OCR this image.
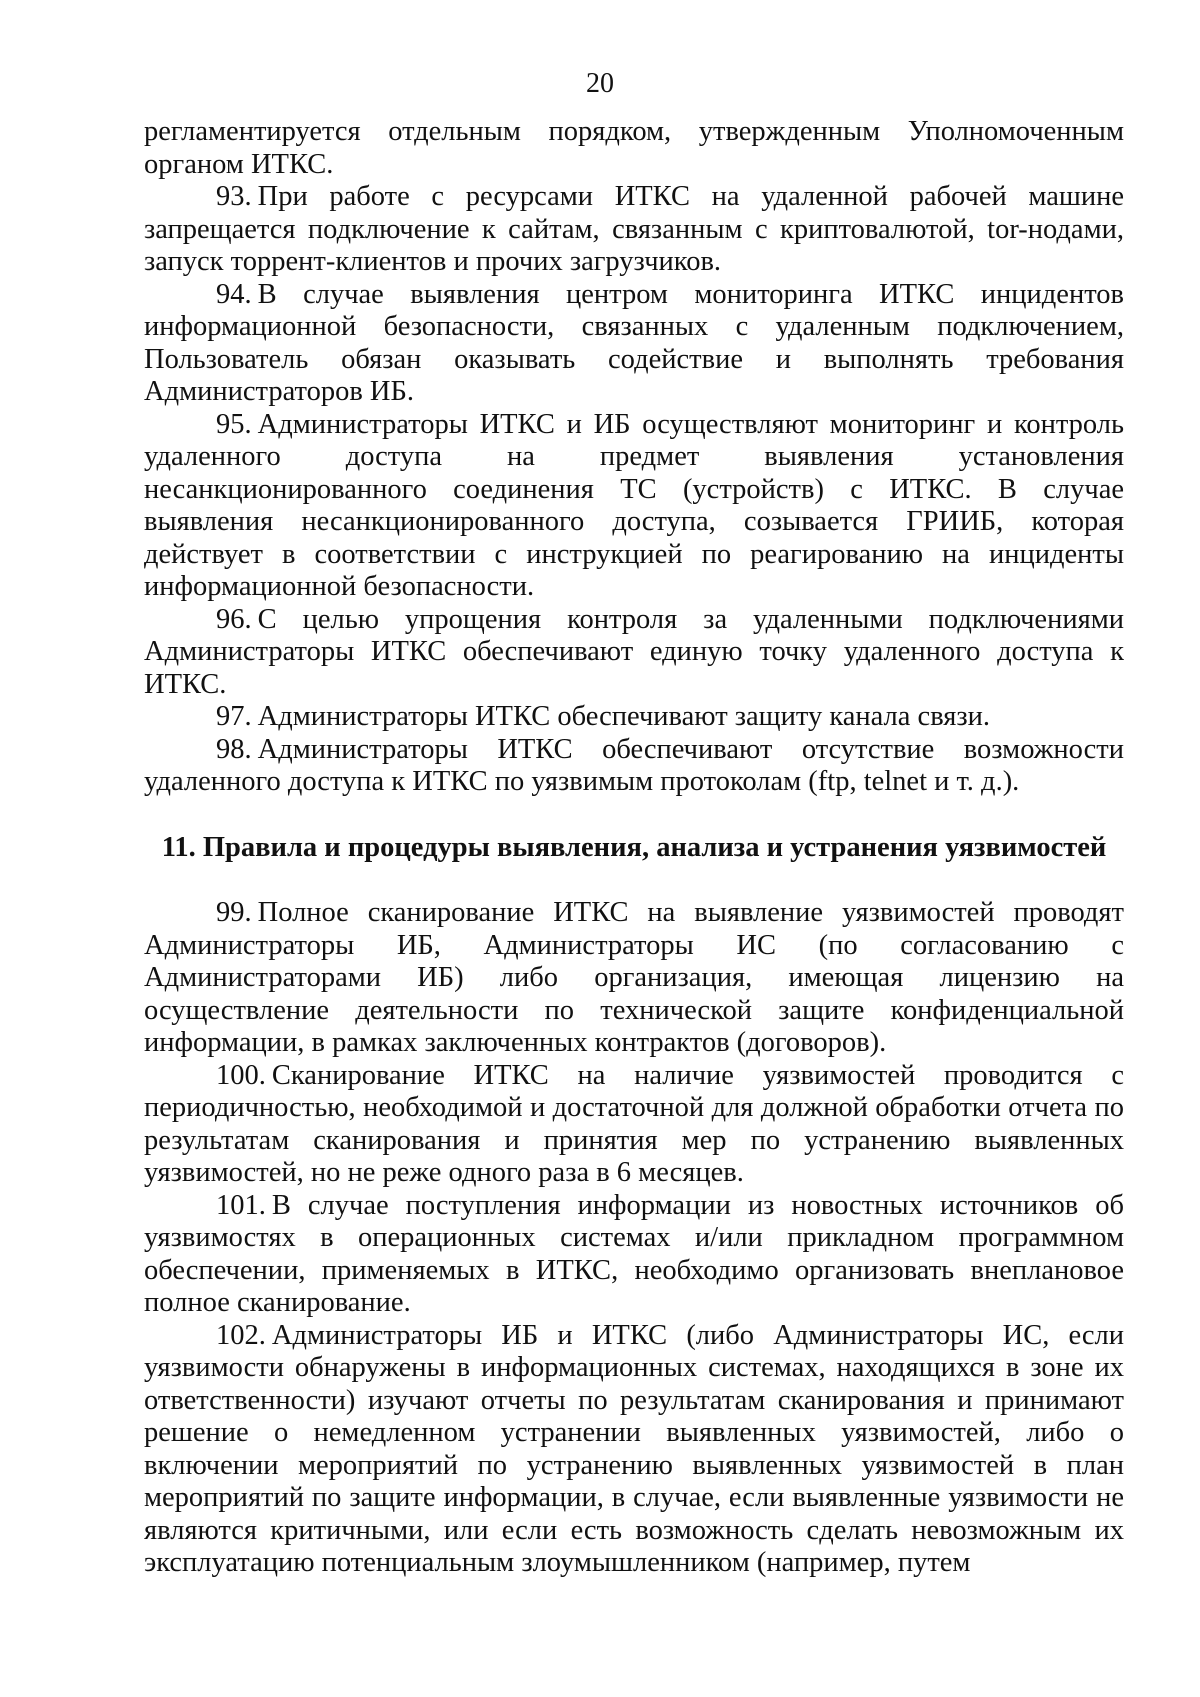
20

регламентируется отдельным порядком, утвержденным Уполномоченным органом ИТКС.

93. При работе с ресурсами ИТКС на удаленной рабочей машине запрещается подключение к сайтам, связанным с криптовалютой, tor-нодами, запуск торрент-клиентов и прочих загрузчиков.

94. В случае выявления центром мониторинга ИТКС инцидентов информационной безопасности, связанных с удаленным подключением, Пользователь обязан оказывать содействие и выполнять требования Администраторов ИБ.

95. Администраторы ИТКС и ИБ осуществляют мониторинг и контроль удаленного доступа на предмет выявления установления несанкционированного соединения ТС (устройств) с ИТКС. В случае выявления несанкционированного доступа, созывается ГРИИБ, которая действует в соответствии с инструкцией по реагированию на инциденты информационной безопасности.

96. С целью упрощения контроля за удаленными подключениями Администраторы ИТКС обеспечивают единую точку удаленного доступа к ИТКС.

97. Администраторы ИТКС обеспечивают защиту канала связи.

98. Администраторы ИТКС обеспечивают отсутствие возможности удаленного доступа к ИТКС по уязвимым протоколам (ftp, telnet и т. д.).

11. Правила и процедуры выявления, анализа и устранения уязвимостей

99. Полное сканирование ИТКС на выявление уязвимостей проводят Администраторы ИБ, Администраторы ИС (по согласованию с Администраторами ИБ) либо организация, имеющая лицензию на осуществление деятельности по технической защите конфиденциальной информации, в рамках заключенных контрактов (договоров).

100. Сканирование ИТКС на наличие уязвимостей проводится с периодичностью, необходимой и достаточной для должной обработки отчета по результатам сканирования и принятия мер по устранению выявленных уязвимостей, но не реже одного раза в 6 месяцев.

101. В случае поступления информации из новостных источников об уязвимостях в операционных системах и/или прикладном программном обеспечении, применяемых в ИТКС, необходимо организовать внеплановое полное сканирование.

102. Администраторы ИБ и ИТКС (либо Администраторы ИС, если уязвимости обнаружены в информационных системах, находящихся в зоне их ответственности) изучают отчеты по результатам сканирования и принимают решение о немедленном устранении выявленных уязвимостей, либо о включении мероприятий по устранению выявленных уязвимостей в план мероприятий по защите информации, в случае, если выявленные уязвимости не являются критичными, или если есть возможность сделать невозможным их эксплуатацию потенциальным злоумышленником (например, путем
